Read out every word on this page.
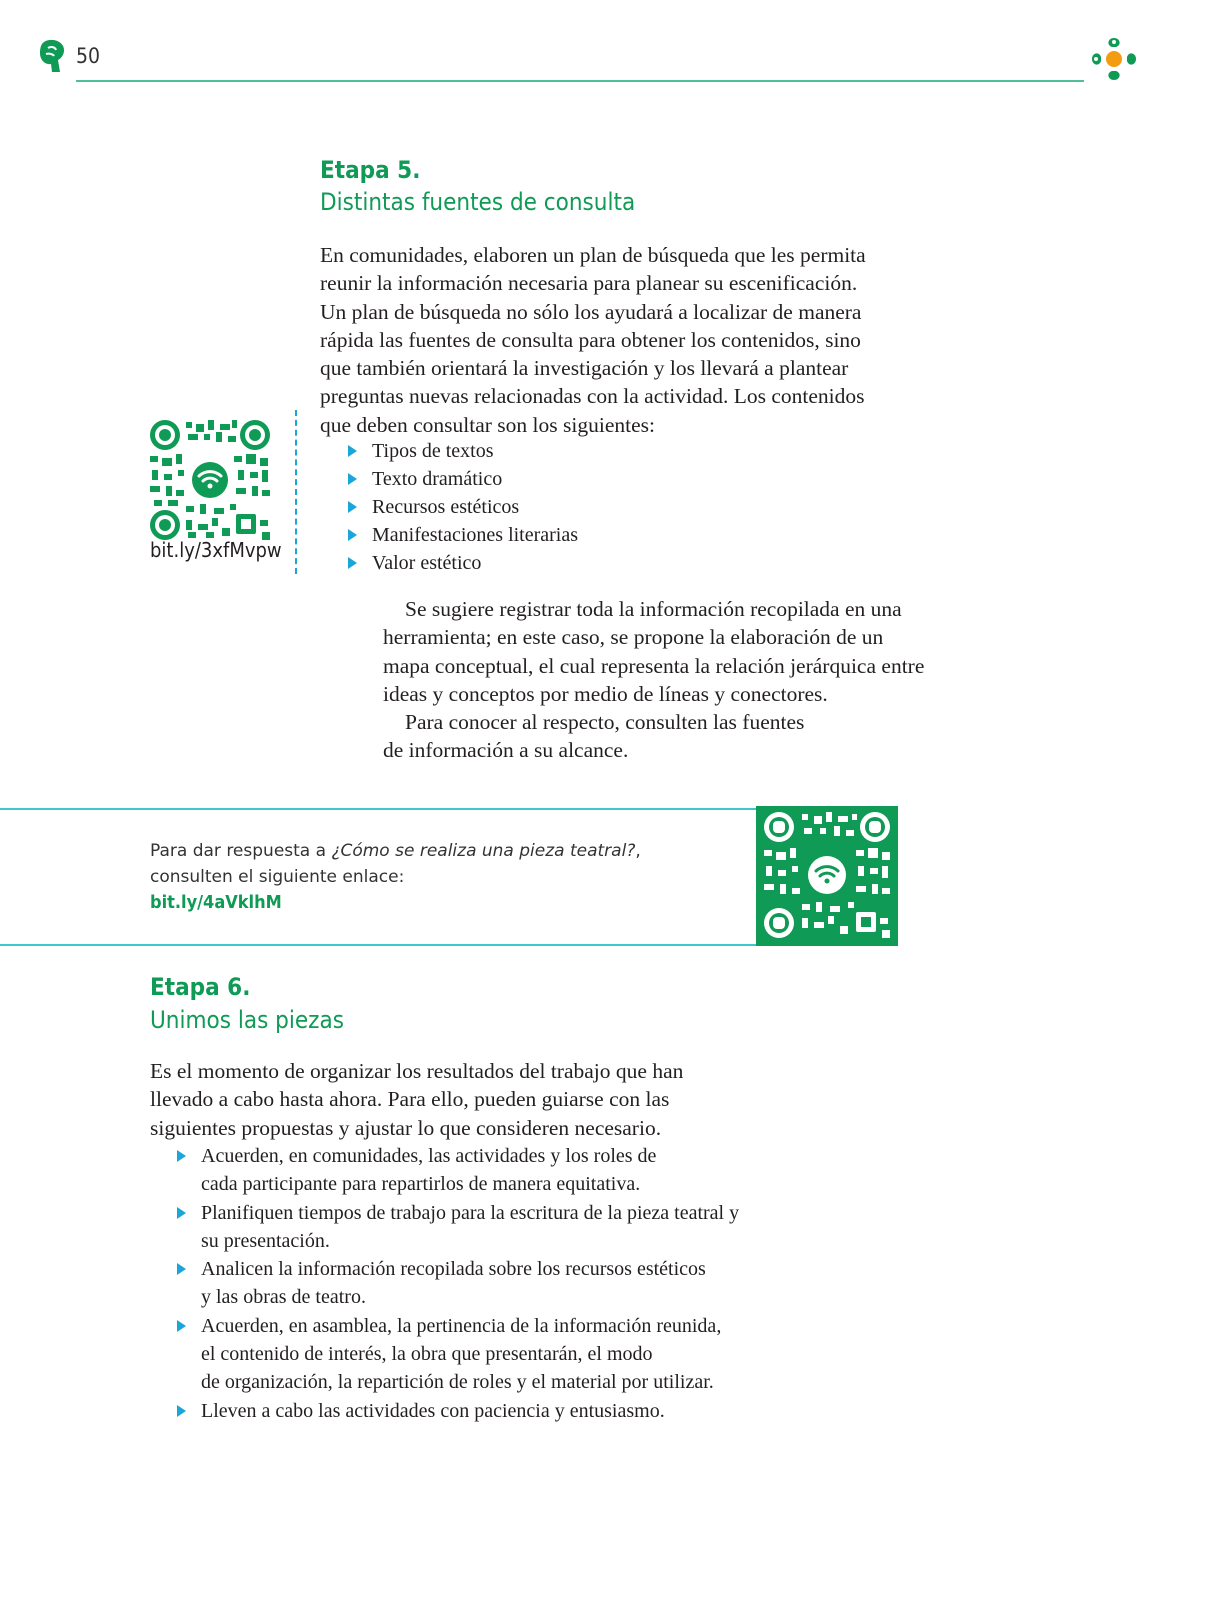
50
Etapa 5.
Distintas fuentes de consulta

En comunidades, elaboren un plan de búsqueda que les permita

reunir la información necesaria para planear su escenificación.

Un plan de búsqueda no sólo los ayudará a localizar de manera

rápida las fuentes de consulta para obtener los contenidos, sino

que también orientará la investigación y los llevará a plantear

preguntas nuevas relacionadas con la actividad. Los contenidos

que deben consultar son los siguientes:

Tipos de textos
Texto dramático
Recursos estéticos
Manifestaciones literarias
Valor estético
bit.ly/3xfMvpw

Se sugiere registrar toda la información recopilada en una

herramienta; en este caso, se propone la elaboración de un

mapa conceptual, el cual representa la relación jerárquica entre

ideas y conceptos por medio de líneas y conectores.

Para conocer al respecto, consulten las fuentes

de información a su alcance.

Para dar respuesta a ¿Cómo se realiza una pieza teatral?,
consulten el siguiente enlace:
bit.ly/4aVklhM
Etapa 6.
Unimos las piezas

Es el momento de organizar los resultados del trabajo que han

llevado a cabo hasta ahora. Para ello, pueden guiarse con las

siguientes propuestas y ajustar lo que consideren necesario.

Acuerden, en comunidades, las actividades y los roles de
cada participante para repartirlos de manera equitativa.
Planifiquen tiempos de trabajo para la escritura de la pieza teatral y
su presentación.
Analicen la información recopilada sobre los recursos estéticos
y las obras de teatro.
Acuerden, en asamblea, la pertinencia de la información reunida,
el contenido de interés, la obra que presentarán, el modo
de organización, la repartición de roles y el material por utilizar.
Lleven a cabo las actividades con paciencia y entusiasmo.
